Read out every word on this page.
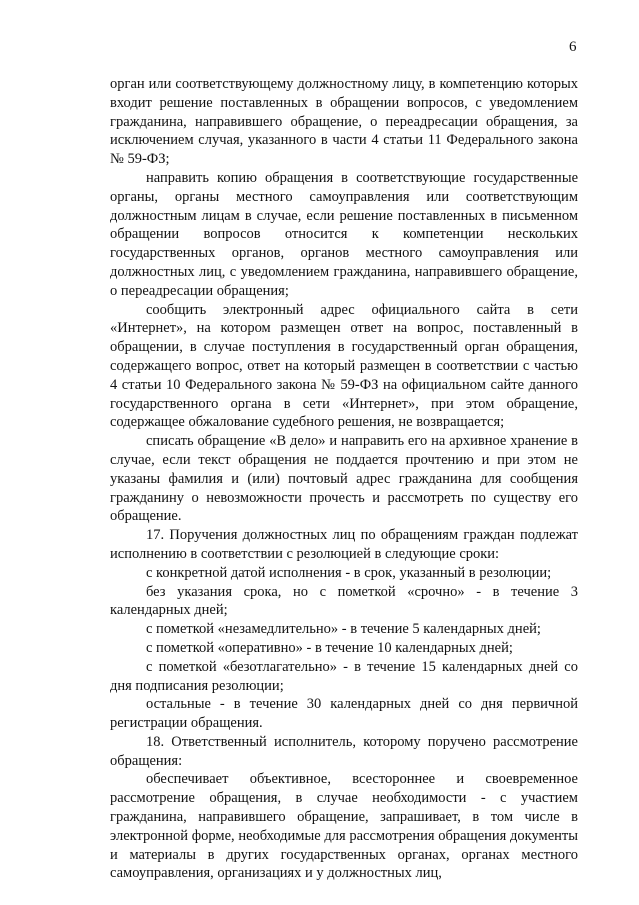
6

орган или соответствующему должностному лицу, в компетенцию которых входит решение поставленных в обращении вопросов, с уведомлением гражданина, направившего обращение, о переадресации обращения, за исключением случая, указанного в части 4 статьи 11 Федерального закона № 59-ФЗ;

направить копию обращения в соответствующие государственные органы, органы местного самоуправления или соответствующим должностным лицам в случае, если решение поставленных в письменном обращении вопросов относится к компетенции нескольких государственных органов, органов местного самоуправления или должностных лиц, с уведомлением гражданина, направившего обращение, о переадресации обращения;

сообщить электронный адрес официального сайта в сети «Интернет», на котором размещен ответ на вопрос, поставленный в обращении, в случае поступления в государственный орган обращения, содержащего вопрос, ответ на который размещен в соответствии с частью 4 статьи 10 Федерального закона № 59-ФЗ на официальном сайте данного государственного органа в сети «Интернет», при этом обращение, содержащее обжалование судебного решения, не возвращается;

списать обращение «В дело» и направить его на архивное хранение в случае, если текст обращения не поддается прочтению и при этом не указаны фамилия и (или) почтовый адрес гражданина для сообщения гражданину о невозможности прочесть и рассмотреть по существу его обращение.

17. Поручения должностных лиц по обращениям граждан подлежат исполнению в соответствии с резолюцией в следующие сроки:

с конкретной датой исполнения - в срок, указанный в резолюции;

без указания срока, но с пометкой «срочно» - в течение 3 календарных дней;

с пометкой «незамедлительно» - в течение 5 календарных дней;

с пометкой «оперативно» - в течение 10 календарных дней;

с пометкой «безотлагательно» - в течение 15 календарных дней со дня подписания резолюции;

остальные - в течение 30 календарных дней со дня первичной регистрации обращения.

18. Ответственный исполнитель, которому поручено рассмотрение обращения:

обеспечивает объективное, всестороннее и своевременное рассмотрение обращения, в случае необходимости - с участием гражданина, направившего обращение, запрашивает, в том числе в электронной форме, необходимые для рассмотрения обращения документы и материалы в других государственных органах, органах местного самоуправления, организациях и у должностных лиц,
